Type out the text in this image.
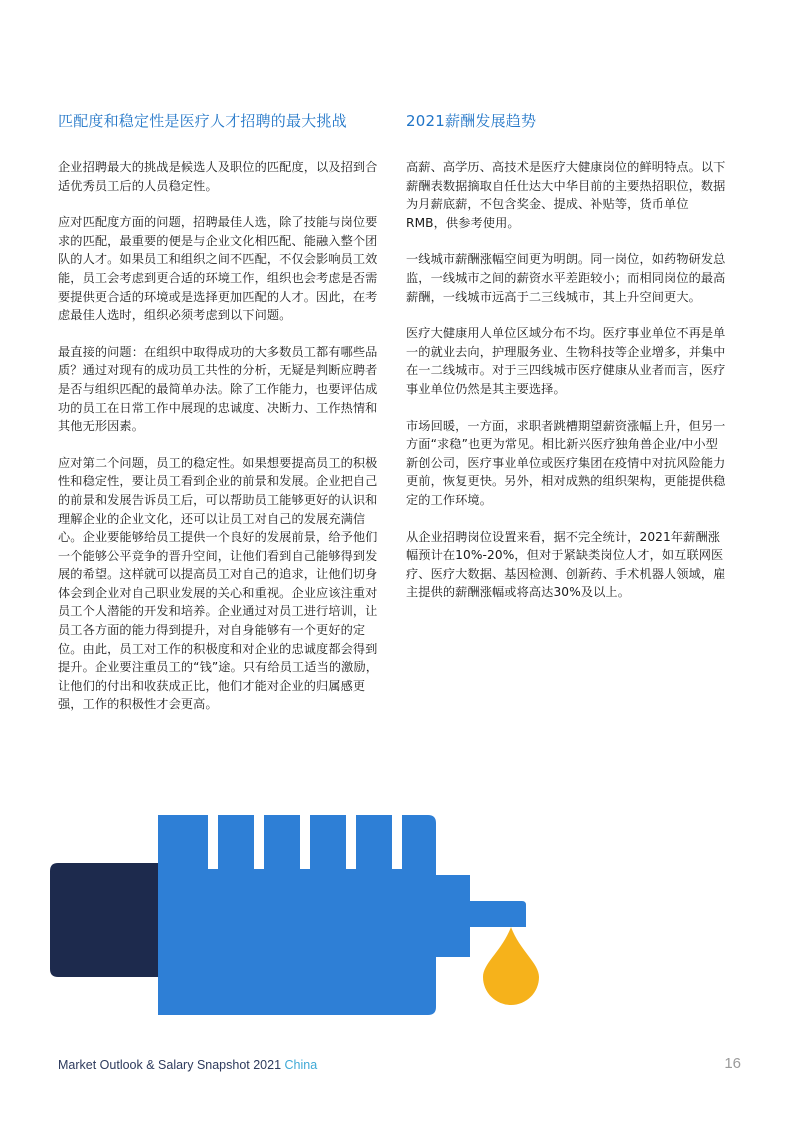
匹配度和稳定性是医疗人才招聘的最大挑战

企业招聘最大的挑战是候选人及职位的匹配度，以及招到合适优秀员工后的人员稳定性。

应对匹配度方面的问题，招聘最佳人选，除了技能与岗位要求的匹配，最重要的便是与企业文化相匹配、能融入整个团队的人才。如果员工和组织之间不匹配，不仅会影响员工效能，员工会考虑到更合适的环境工作，组织也会考虑是否需要提供更合适的环境或是选择更加匹配的人才。因此，在考虑最佳人选时，组织必须考虑到以下问题。

最直接的问题：在组织中取得成功的大多数员工都有哪些品质？通过对现有的成功员工共性的分析，无疑是判断应聘者是否与组织匹配的最简单办法。除了工作能力，也要评估成功的员工在日常工作中展现的忠诚度、决断力、工作热情和其他无形因素。

应对第二个问题，员工的稳定性。如果想要提高员工的积极性和稳定性，要让员工看到企业的前景和发展。企业把自己的前景和发展告诉员工后，可以帮助员工能够更好的认识和理解企业的企业文化，还可以让员工对自己的发展充满信心。企业要能够给员工提供一个良好的发展前景，给予他们一个能够公平竞争的晋升空间，让他们看到自己能够得到发展的希望。这样就可以提高员工对自己的追求，让他们切身体会到企业对自己职业发展的关心和重视。企业应该注重对员工个人潜能的开发和培养。企业通过对员工进行培训，让员工各方面的能力得到提升，对自身能够有一个更好的定位。由此，员工对工作的积极度和对企业的忠诚度都会得到提升。企业要注重员工的“钱”途。只有给员工适当的激励，让他们的付出和收获成正比，他们才能对企业的归属感更强，工作的积极性才会更高。

2021薪酬发展趋势

高薪、高学历、高技术是医疗大健康岗位的鲜明特点。以下薪酬表数据摘取自任仕达大中华目前的主要热招职位，数据为月薪底薪，不包含奖金、提成、补贴等，货币单位RMB，供参考使用。

一线城市薪酬涨幅空间更为明朗。同一岗位，如药物研发总监，一线城市之间的薪资水平差距较小；而相同岗位的最高薪酬，一线城市远高于二三线城市，其上升空间更大。

医疗大健康用人单位区域分布不均。医疗事业单位不再是单一的就业去向，护理服务业、生物科技等企业增多，并集中在一二线城市。对于三四线城市医疗健康从业者而言，医疗事业单位仍然是其主要选择。

市场回暖，一方面，求职者跳槽期望薪资涨幅上升，但另一方面“求稳”也更为常见。相比新兴医疗独角兽企业/中小型新创公司，医疗事业单位或医疗集团在疫情中对抗风险能力更前，恢复更快。另外，相对成熟的组织架构，更能提供稳定的工作环境。

从企业招聘岗位设置来看，据不完全统计，2021年薪酬涨幅预计在10%-20%，但对于紧缺类岗位人才，如互联网医疗、医疗大数据、基因检测、创新药、手术机器人领域，雇主提供的薪酬涨幅或将高达30%及以上。

Market Outlook & Salary Snapshot 2021 China	16
